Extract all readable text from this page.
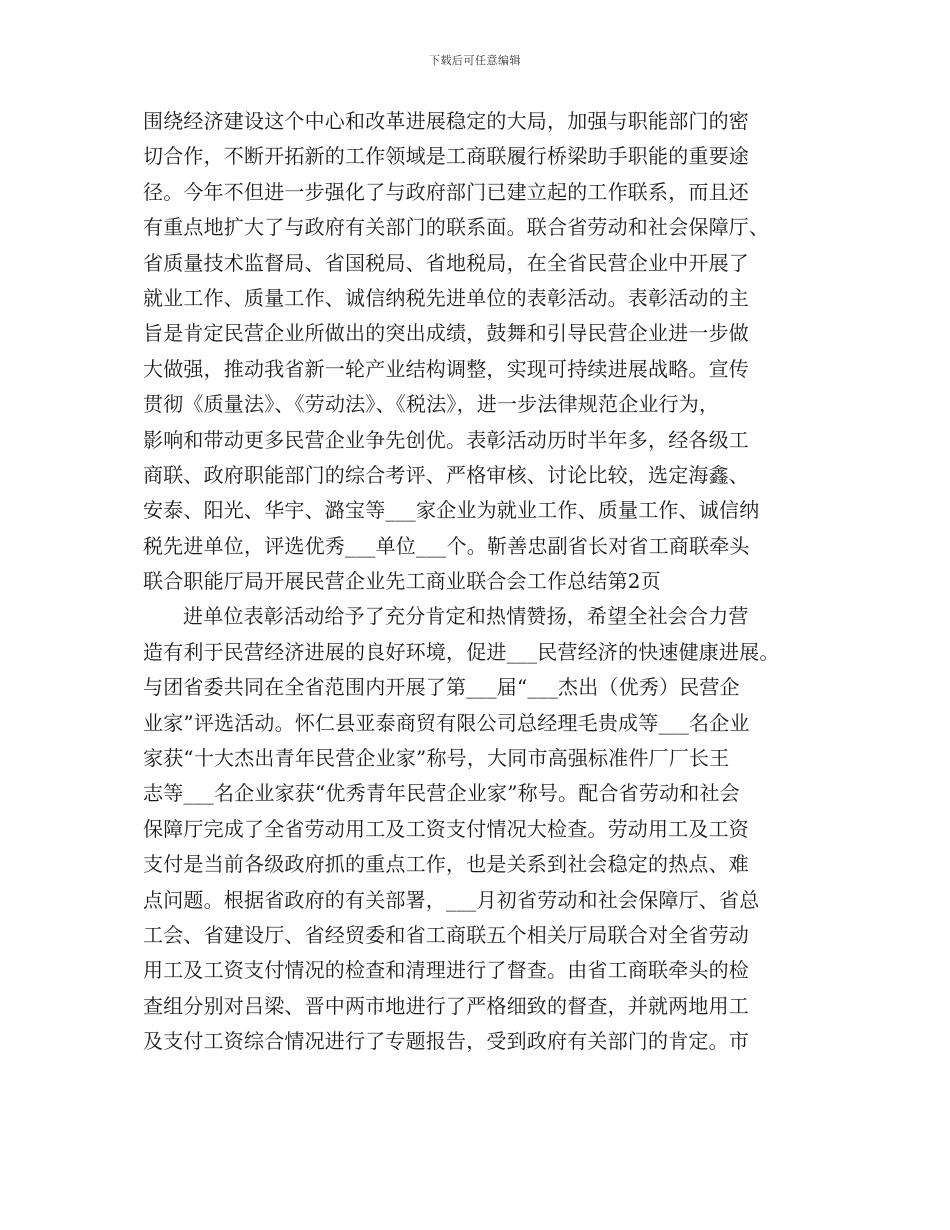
下载后可任意编辑
围绕经济建设这个中心和改革进展稳定的大局，加强与职能部门的密
切合作，不断开拓新的工作领域是工商联履行桥梁助手职能的重要途
径。今年不但进一步强化了与政府部门已建立起的工作联系，而且还
有重点地扩大了与政府有关部门的联系面。联合省劳动和社会保障厅、
省质量技术监督局、省国税局、省地税局，在全省民营企业中开展了
就业工作、质量工作、诚信纳税先进单位的表彰活动。表彰活动的主
旨是肯定民营企业所做出的突出成绩，鼓舞和引导民营企业进一步做
大做强，推动我省新一轮产业结构调整，实现可持续进展战略。宣传
贯彻《质量法》、《劳动法》、《税法》，进一步法律规范企业行为，
影响和带动更多民营企业争先创优。表彰活动历时半年多，经各级工
商联、政府职能部门的综合考评、严格审核、讨论比较，选定海鑫、
安泰、阳光、华宇、潞宝等___家企业为就业工作、质量工作、诚信纳
税先进单位，评选优秀___单位___个。靳善忠副省长对省工商联牵头
联合职能厅局开展民营企业先工商业联合会工作总结第2页
进单位表彰活动给予了充分肯定和热情赞扬，希望全社会合力营
造有利于民营经济进展的良好环境，促进___民营经济的快速健康进展。
与团省委共同在全省范围内开展了第___届“___杰出（优秀）民营企
业家”评选活动。怀仁县亚泰商贸有限公司总经理毛贵成等___名企业
家获“十大杰出青年民营企业家”称号，大同市高强标准件厂厂长王
志等___名企业家获“优秀青年民营企业家”称号。配合省劳动和社会
保障厅完成了全省劳动用工及工资支付情况大检查。劳动用工及工资
支付是当前各级政府抓的重点工作，也是关系到社会稳定的热点、难
点问题。根据省政府的有关部署，___月初省劳动和社会保障厅、省总
工会、省建设厅、省经贸委和省工商联五个相关厅局联合对全省劳动
用工及工资支付情况的检查和清理进行了督查。由省工商联牵头的检
查组分别对吕梁、晋中两市地进行了严格细致的督查，并就两地用工
及支付工资综合情况进行了专题报告，受到政府有关部门的肯定。市
